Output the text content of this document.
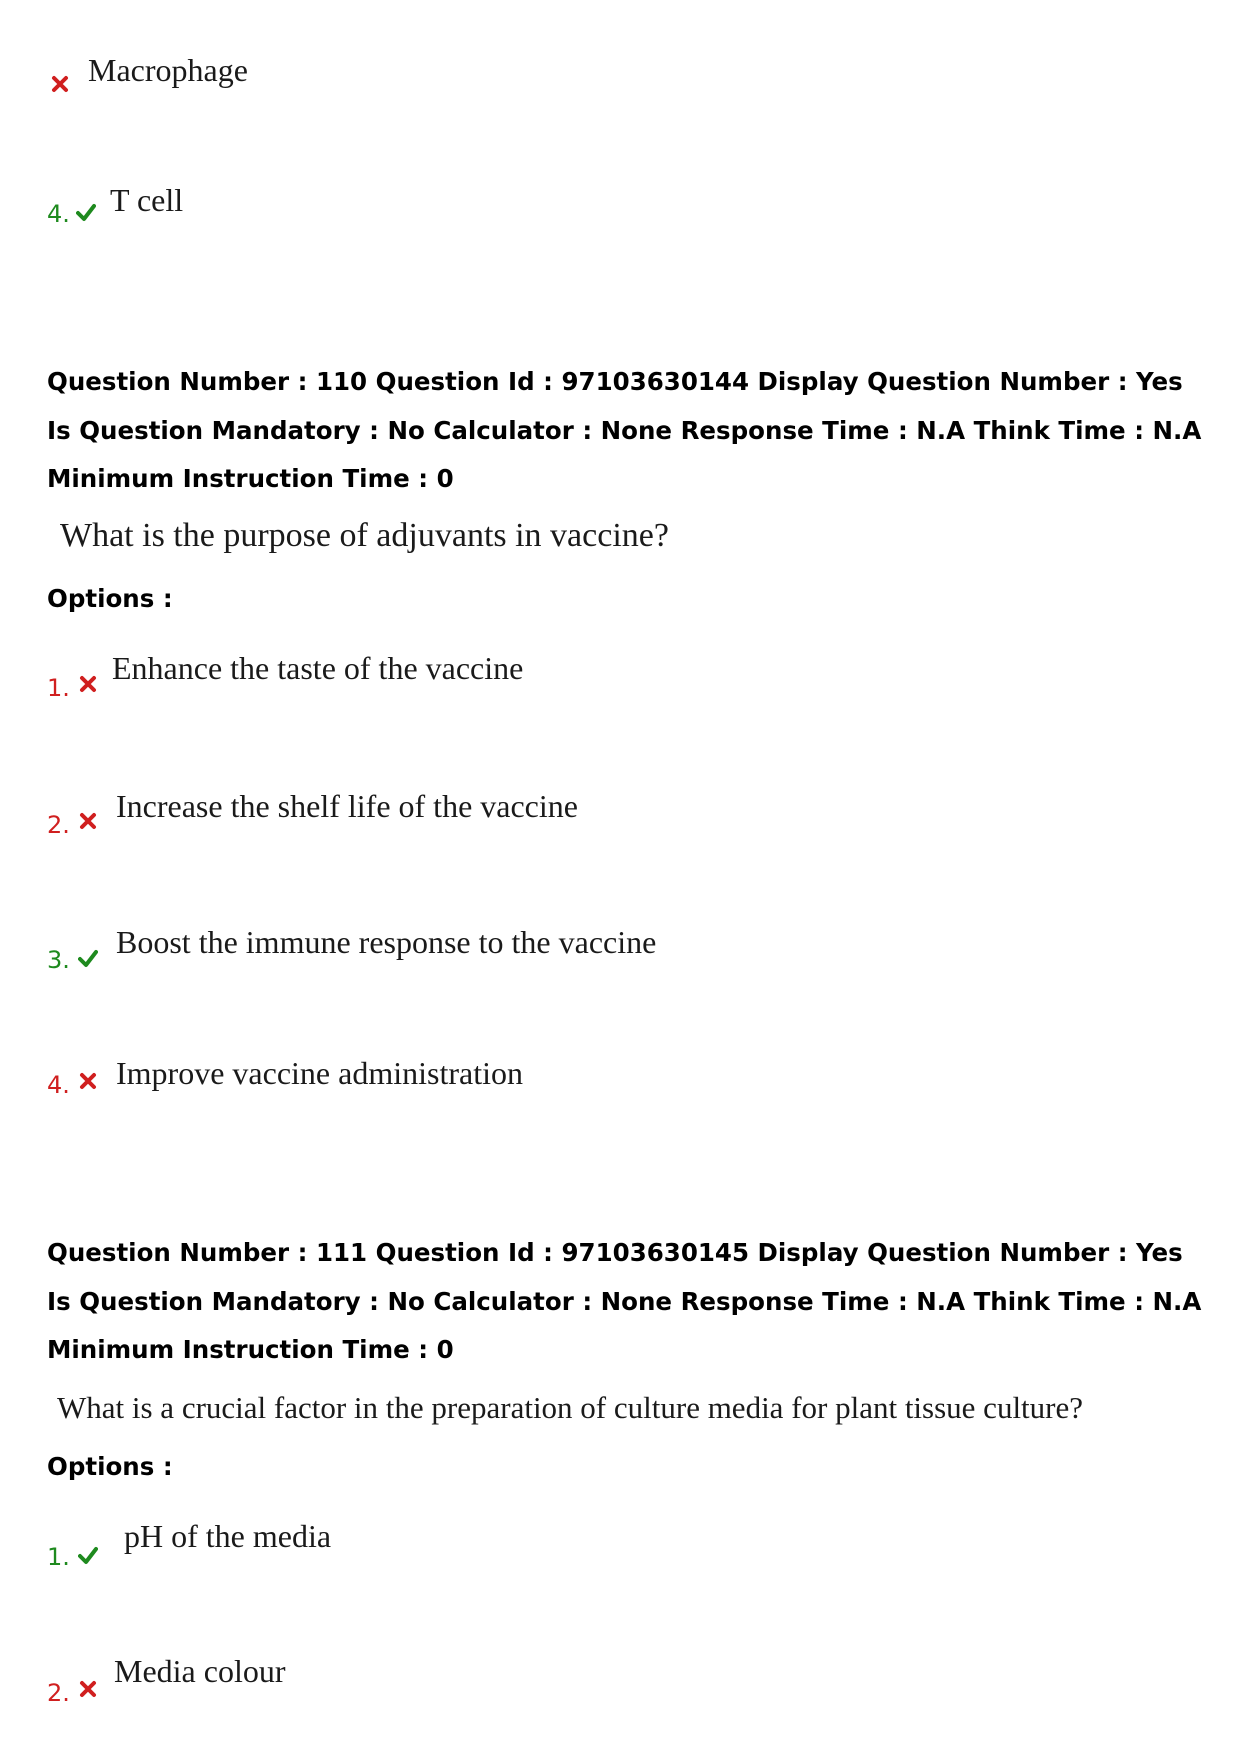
Macrophage
4. T cell
Question Number : 110 Question Id : 97103630144 Display Question Number : Yes Is Question Mandatory : No Calculator : None Response Time : N.A Think Time : N.A Minimum Instruction Time : 0
What is the purpose of adjuvants in vaccine?
Options :
1.
Enhance the taste of the vaccine
2.
Increase the shelf life of the vaccine
3. Boost the immune response to the vaccine
4. Improve vaccine administration
Question Number : 111 Question Id : 97103630145 Display Question Number : Yes Is Question Mandatory : No Calculator : None Response Time : N.A Think Time : N.A Minimum Instruction Time : 0
What is a crucial factor in the preparation of culture media for plant tissue culture?
Options :
1.
pH of the media
2.
Media colour
